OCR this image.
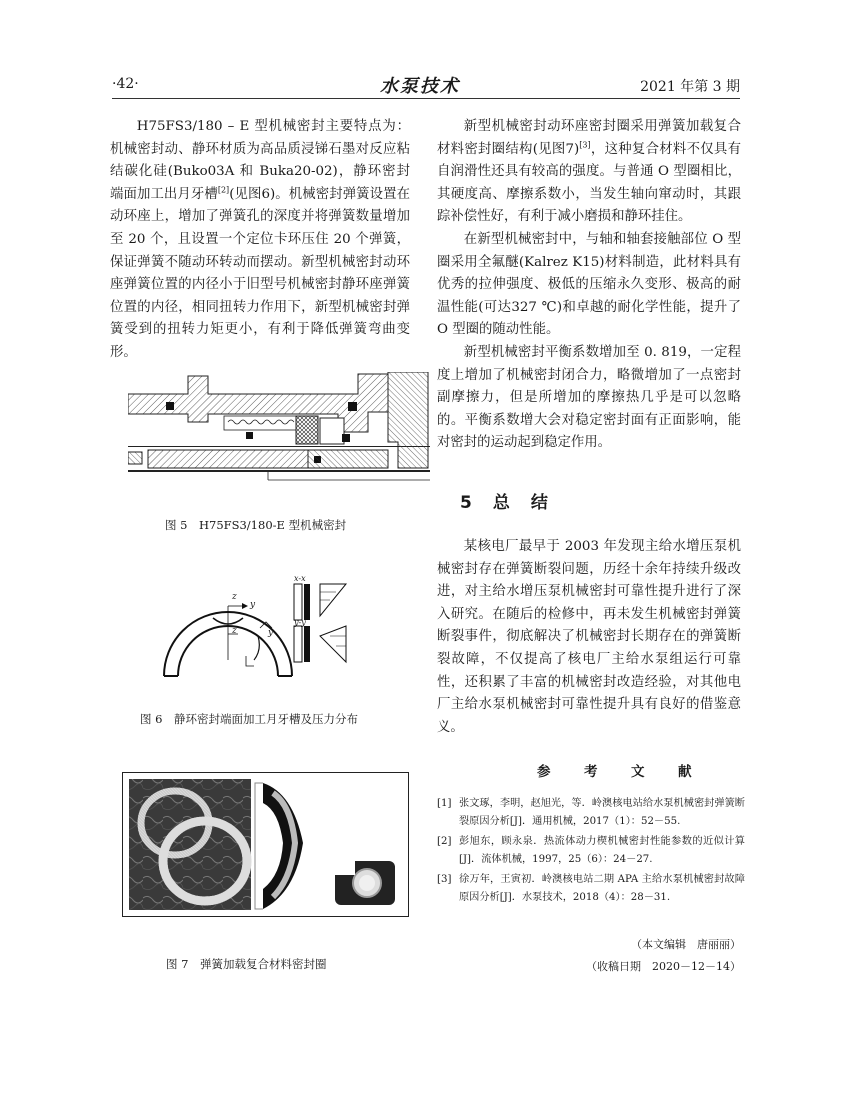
·42·	水泵技术	2021 年第 3 期

H75FS3/180 – E 型机械密封主要特点为：机械密封动、静环材质为高品质浸锑石墨对反应粘结碳化硅(Buko03A 和 Buka20-02)，静环密封端面加工出月牙槽[2](见图6)。机械密封弹簧设置在动环座上，增加了弹簧孔的深度并将弹簧数量增加至 20 个，且设置一个定位卡环压住 20 个弹簧，保证弹簧不随动环转动而摆动。新型机械密封动环座弹簧位置的内径小于旧型号机械密封静环座弹簧位置的内径，相同扭转力作用下，新型机械密封弹簧受到的扭转力矩更小，有利于降低弹簧弯曲变形。

图 5　H75FS3/180-E 型机械密封
z
y
z	y
x-x
y-y
图 6　静环密封端面加工月牙槽及压力分布
图 7　弹簧加载复合材料密封圈

新型机械密封动环座密封圈采用弹簧加载复合材料密封圈结构(见图7)[3]，这种复合材料不仅具有自润滑性还具有较高的强度。与普通 O 型圈相比，其硬度高、摩擦系数小，当发生轴向窜动时，其跟踪补偿性好，有利于减小磨损和静环挂住。

在新型机械密封中，与轴和轴套接触部位 O 型圈采用全氟醚(Kalrez K15)材料制造，此材料具有优秀的拉伸强度、极低的压缩永久变形、极高的耐温性能(可达327 ℃)和卓越的耐化学性能，提升了 O 型圈的随动性能。

新型机械密封平衡系数增加至 0. 819，一定程度上增加了机械密封闭合力，略微增加了一点密封副摩擦力，但是所增加的摩擦热几乎是可以忽略的。平衡系数增大会对稳定密封面有正面影响，能对密封的运动起到稳定作用。

5　总　结

某核电厂最早于 2003 年发现主给水增压泵机械密封存在弹簧断裂问题，历经十余年持续升级改进，对主给水增压泵机械密封可靠性提升进行了深入研究。在随后的检修中，再未发生机械密封弹簧断裂事件，彻底解决了机械密封长期存在的弹簧断裂故障，不仅提高了核电厂主给水泵组运行可靠性，还积累了丰富的机械密封改造经验，对其他电厂主给水泵机械密封可靠性提升具有良好的借鉴意义。

参　考　文　献
[1] 张文琢，李明，赵旭光，等．岭澳核电站给水泵机械密封弹簧断裂原因分析[J]．通用机械，2017（1）：52－55.
[2] 彭旭东，顾永泉．热流体动力楔机械密封性能参数的近似计算[J]．流体机械，1997，25（6）：24－27.
[3] 徐万年，王寅初．岭澳核电站二期 APA 主给水泵机械密封故障原因分析[J]．水泵技术，2018（4）：28－31.
（本文编辑　唐丽丽）
（收稿日期　2020－12－14）
